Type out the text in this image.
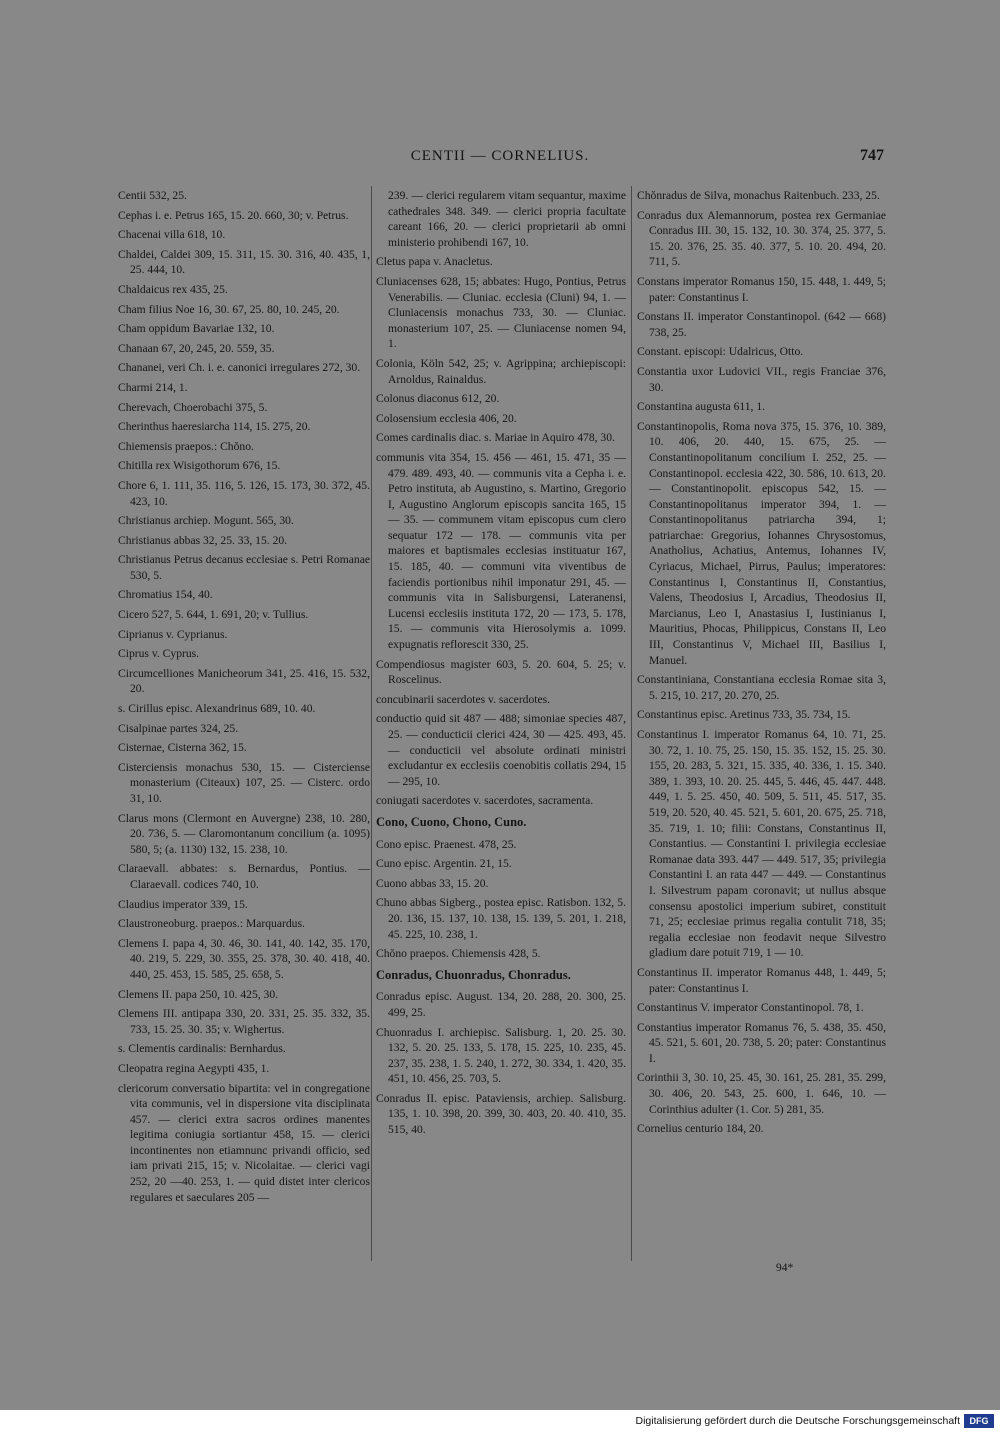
CENTII — CORNELIUS.	747
Centii 532, 25.
Cephas i. e. Petrus 165, 15. 20. 660, 30; v. Petrus.
Chacenai villa 618, 10.
Chaldei, Caldei 309, 15. 311, 15. 30. 316, 40. 435, 1, 25. 444, 10.
Chaldaicus rex 435, 25.
Cham filius Noe 16, 30. 67, 25. 80, 10. 245, 20.
Cham oppidum Bavariae 132, 10.
Chanaan 67, 20, 245, 20. 559, 35.
Chananei, veri Ch. i. e. canonici irregulares 272, 30.
Charmi 214, 1.
Cherevach, Choerobachi 375, 5.
Cherinthus haeresiarcha 114, 15. 275, 20.
Chiemensis praepos.: Chŏno.
Chitilla rex Wisigothorum 676, 15.
Chore 6, 1. 111, 35. 116, 5. 126, 15. 173, 30. 372, 45. 423, 10.
Christianus archiep. Mogunt. 565, 30.
Christianus abbas 32, 25. 33, 15. 20.
Christianus Petrus decanus ecclesiae s. Petri Romanae 530, 5.
Chromatius 154, 40.
Cicero 527, 5. 644, 1. 691, 20; v. Tullius.
Ciprianus v. Cyprianus.
Ciprus v. Cyprus.
Circumcelliones Manicheorum 341, 25. 416, 15. 532, 20.
s. Cirillus episc. Alexandrinus 689, 10. 40.
Cisalpinae partes 324, 25.
Cisternae, Cisterna 362, 15.
Cisterciensis monachus 530, 15. — Cisterciense monasterium (Citeaux) 107, 25. — Cisterc. ordo 31, 10.
Clarus mons (Clermont en Auvergne) 238, 10. 280, 20. 736, 5. — Claromontanum concilium (a. 1095) 580, 5; (a. 1130) 132, 15. 238, 10.
Claraevall. abbates: s. Bernardus, Pontius. — Claraevall. codices 740, 10.
Claudius imperator 339, 15.
Claustroneoburg. praepos.: Marquardus.
Clemens I. papa 4, 30. 46, 30. 141, 40. 142, 35. 170, 40. 219, 5. 229, 30. 355, 25. 378, 30. 40. 418, 40. 440, 25. 453, 15. 585, 25. 658, 5.
Clemens II. papa 250, 10. 425, 30.
Clemens III. antipapa 330, 20. 331, 25. 35. 332, 35. 733, 15. 25. 30. 35; v. Wighertus.
s. Clementis cardinalis: Bernhardus.
Cleopatra regina Aegypti 435, 1.
clericorum conversatio bipartita: vel in congregatione vita communis, vel in dispersione vita disciplinata 457. — clerici extra sacros ordines manentes legitima coniugia sortiantur 458, 15. — clerici incontinentes non etiamnunc privandi officio, sed iam privati 215, 15; v. Nicolaitae. — clerici vagi 252, 20 —40. 253, 1. — quid distet inter clericos regulares et saeculares 205 —
239. — clerici regularem vitam sequantur, maxime cathedrales 348. 349. — clerici propria facultate careant 166, 20. — clerici proprietarii ab omni ministerio prohibendi 167, 10.
Cletus papa v. Anacletus.
Cluniacenses 628, 15; abbates: Hugo, Pontius, Petrus Venerabilis. — Cluniac. ecclesia (Cluni) 94, 1. — Cluniacensis monachus 733, 30. — Cluniac. monasterium 107, 25. — Cluniacense nomen 94, 1.
Colonia, Köln 542, 25; v. Agrippina; archiepiscopi: Arnoldus, Rainaldus.
Colonus diaconus 612, 20.
Colosensium ecclesia 406, 20.
Comes cardinalis diac. s. Mariae in Aquiro 478, 30.
communis vita 354, 15. 456 — 461, 15. 471, 35 — 479. 489. 493, 40. — communis vita a Cepha i. e. Petro instituta, ab Augustino, s. Martino, Gregorio I, Augustino Anglorum episcopis sancita 165, 15 — 35. — communem vitam episcopus cum clero sequatur 172 — 178. — communis vita per maiores et baptismales ecclesias instituatur 167, 15. 185, 40. — communi vita viventibus de faciendis portionibus nihil imponatur 291, 45. — communis vita in Salisburgensi, Lateranensi, Lucensi ecclesiis instituta 172, 20 — 173, 5. 178, 15. — communis vita Hierosolymis a. 1099. expugnatis reflorescit 330, 25.
Compendiosus magister 603, 5. 20. 604, 5. 25; v. Roscelinus.
concubinarii sacerdotes v. sacerdotes.
conductio quid sit 487 — 488; simoniae species 487, 25. — conducticii clerici 424, 30 — 425. 493, 45. — conducticii vel absolute ordinati ministri excludantur ex ecclesiis coenobitis collatis 294, 15 — 295, 10.
coniugati sacerdotes v. sacerdotes, sacramenta.
Cono, Cuono, Chono, Cuno.
Cono episc. Praenest. 478, 25.
Cuno episc. Argentin. 21, 15.
Cuono abbas 33, 15. 20.
Chuno abbas Sigberg., postea episc. Ratisbon. 132, 5. 20. 136, 15. 137, 10. 138, 15. 139, 5. 201, 1. 218, 45. 225, 10. 238, 1.
Chŏno praepos. Chiemensis 428, 5.
Conradus, Chuonradus, Chonradus.
Conradus episc. August. 134, 20. 288, 20. 300, 25. 499, 25.
Chuonradus I. archiepisc. Salisburg. 1, 20. 25. 30. 132, 5. 20. 25. 133, 5. 178, 15. 225, 10. 235, 45. 237, 35. 238, 1. 5. 240, 1. 272, 30. 334, 1. 420, 35. 451, 10. 456, 25. 703, 5.
Conradus II. episc. Pataviensis, archiep. Salisburg. 135, 1. 10. 398, 20. 399, 30. 403, 20. 40. 410, 35. 515, 40.
Chŏnradus de Silva, monachus Raitenbuch. 233, 25.
Conradus dux Alemannorum, postea rex Germaniae Conradus III. 30, 15. 132, 10. 30. 374, 25. 377, 5. 15. 20. 376, 25. 35. 40. 377, 5. 10. 20. 494, 20. 711, 5.
Constans imperator Romanus 150, 15. 448, 1. 449, 5; pater: Constantinus I.
Constans II. imperator Constantinopol. (642 — 668) 738, 25.
Constant. episcopi: Udalricus, Otto.
Constantia uxor Ludovici VII., regis Franciae 376, 30.
Constantina augusta 611, 1.
Constantinopolis, Roma nova 375, 15. 376, 10. 389, 10. 406, 20. 440, 15. 675, 25. — Constantinopolitanum concilium I. 252, 25. — Constantinopol. ecclesia 422, 30. 586, 10. 613, 20. — Constantinopolit. episcopus 542, 15. — Constantinopolitanus imperator 394, 1. — Constantinopolitanus patriarcha 394, 1; patriarchae: Gregorius, Iohannes Chrysostomus, Anatholius, Achatius, Antemus, Iohannes IV, Cyriacus, Michael, Pirrus, Paulus; imperatores: Constantinus I, Constantinus II, Constantius, Valens, Theodosius I, Arcadius, Theodosius II, Marcianus, Leo I, Anastasius I, Iustinianus I, Mauritius, Phocas, Philippicus, Constans II, Leo III, Constantinus V, Michael III, Basilius I, Manuel.
Constantiniana, Constantiana ecclesia Romae sita 3, 5. 215, 10. 217, 20. 270, 25.
Constantinus episc. Aretinus 733, 35. 734, 15.
Constantinus I. imperator Romanus 64, 10. 71, 25. 30. 72, 1. 10. 75, 25. 150, 15. 35. 152, 15. 25. 30. 155, 20. 283, 5. 321, 15. 335, 40. 336, 1. 15. 340. 389, 1. 393, 10. 20. 25. 445, 5. 446, 45. 447. 448. 449, 1. 5. 25. 450, 40. 509, 5. 511, 45. 517, 35. 519, 20. 520, 40. 45. 521, 5. 601, 20. 675, 25. 718, 35. 719, 1. 10; filii: Constans, Constantinus II, Constantius. — Constantini I. privilegia ecclesiae Romanae data 393. 447 — 449. 517, 35; privilegia Constantini I. an rata 447 — 449. — Constantinus I. Silvestrum papam coronavit; ut nullus absque consensu apostolici imperium subiret, constituit 71, 25; ecclesiae primus regalia contulit 718, 35; regalia ecclesiae non feodavit neque Silvestro gladium dare potuit 719, 1 — 10.
Constantinus II. imperator Romanus 448, 1. 449, 5; pater: Constantinus I.
Constantinus V. imperator Constantinopol. 78, 1.
Constantius imperator Romanus 76, 5. 438, 35. 450, 45. 521, 5. 601, 20. 738, 5. 20; pater: Constantinus I.
Corinthii 3, 30. 10, 25. 45, 30. 161, 25. 281, 35. 299, 30. 406, 20. 543, 25. 600, 1. 646, 10. — Corinthius adulter (1. Cor. 5) 281, 35.
Cornelius centurio 184, 20.
94*
Digitalisierung gefördert durch die Deutsche Forschungsgemeinschaft	DFG
